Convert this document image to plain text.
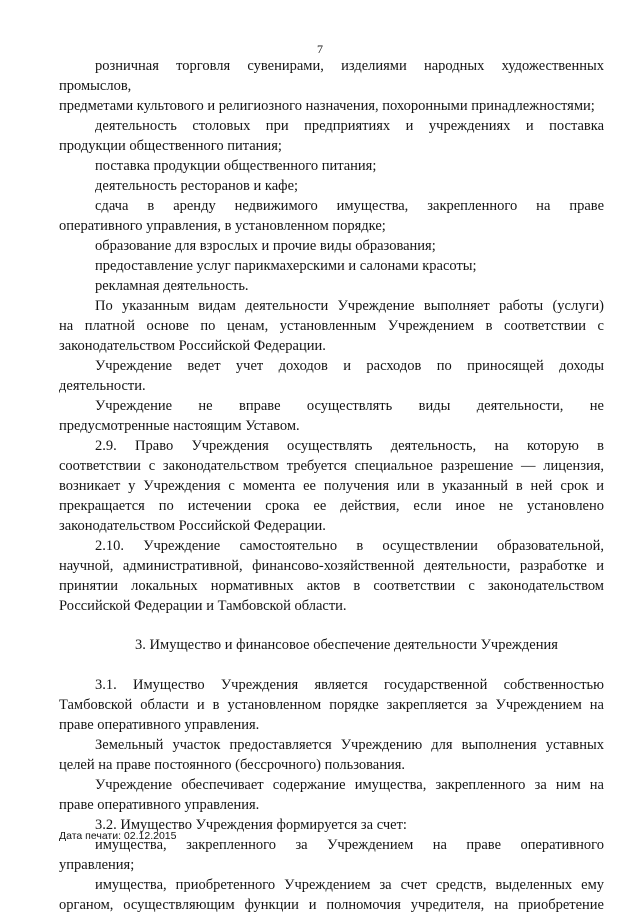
7

розничная торговля сувенирами, изделиями народных художественных промыслов,

предметами культового и религиозного назначения, похоронными принадлежностями;

деятельность столовых при предприятиях и учреждениях и поставка

продукции общественного питания;

поставка продукции общественного питания;

деятельность ресторанов и кафе;

сдача в аренду недвижимого имущества, закрепленного на праве

оперативного управления, в установленном порядке;

образование для взрослых и прочие виды образования;

предоставление услуг парикмахерскими и салонами красоты;

рекламная деятельность.

По указанным видам деятельности Учреждение выполняет работы (услуги)

на платной основе по ценам, установленным Учреждением в соответствии с

законодательством Российской Федерации.

Учреждение ведет учет доходов и расходов по приносящей доходы

деятельности.

Учреждение не вправе осуществлять виды деятельности, не

предусмотренные настоящим Уставом.

2.9. Право Учреждения осуществлять деятельность, на которую в

соответствии с законодательством требуется специальное разрешение — лицензия,

возникает у Учреждения с момента ее получения или в указанный в ней срок и

прекращается по истечении срока ее действия, если иное не установлено

законодательством Российской Федерации.

2.10. Учреждение самостоятельно в осуществлении образовательной,

научной, административной, финансово-хозяйственной деятельности, разработке и

принятии локальных нормативных актов в соответствии с законодательством

Российской Федерации и Тамбовской области.

3. Имущество и финансовое обеспечение деятельности Учреждения

3.1. Имущество Учреждения является государственной собственностью

Тамбовской области и в установленном порядке закрепляется за Учреждением на

праве оперативного управления.

Земельный участок предоставляется Учреждению для выполнения уставных

целей на праве постоянного (бессрочного) пользования.

Учреждение обеспечивает содержание имущества, закрепленного за ним на

праве оперативного управления.

3.2. Имущество Учреждения формируется за счет:

имущества, закрепленного за Учреждением на праве оперативного

управления;

имущества, приобретенного Учреждением за счет средств, выделенных ему

органом, осуществляющим функции и полномочия учредителя, на приобретение

Дата печати: 02.12.2015
